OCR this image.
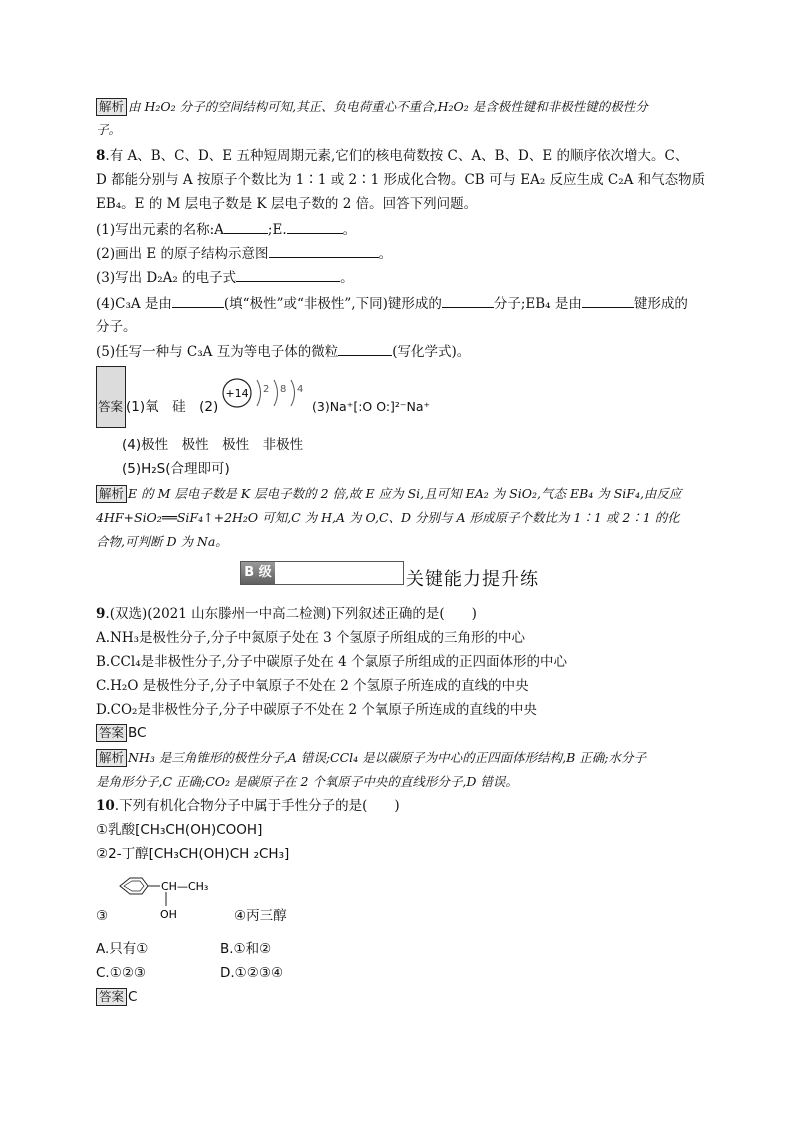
解析 由 H₂O₂ 分子的空间结构可知,其正、负电荷重心不重合,H₂O₂ 是含极性键和非极性键的极性分
子。
8.有 A、B、C、D、E 五种短周期元素,它们的核电荷数按 C、A、B、D、E 的顺序依次增大。C、
D 都能分别与 A 按原子个数比为 1∶1 或 2∶1 形成化合物。CB 可与 EA₂ 反应生成 C₂A 和气态物质
EB₄。E 的 M 层电子数是 K 层电子数的 2 倍。回答下列问题。
(1)写出元素的名称:A	;E.	。
(2)画出 E 的原子结构示意图	。
(3)写出 D₂A₂ 的电子式	。
(4)C₃A 是由	(填“极性”或“非极性”,下同)键形成的	分子;EB₄ 是由	键形成的
分子。
(5)任写一种与 C₃A 互为等电子体的微粒	(写化学式)。
答案 (1)氧　硅　(2)
+14 2 8 4
(3)Na⁺[:O O:]²⁻Na⁺
(4)极性　极性　极性　非极性
(5)H₂S(合理即可)
解析 E 的 M 层电子数是 K 层电子数的 2 倍,故 E 应为 Si,且可知 EA₂ 为 SiO₂,气态 EB₄ 为 SiF₄,由反应
4HF+SiO₂══SiF₄↑+2H₂O 可知,C 为 H,A 为 O,C、D 分别与 A 形成原子个数比为 1∶1 或 2∶1 的化
合物,可判断 D 为 Na。
B 级	关键能力提升练
9.(双选)(2021 山东滕州一中高二检测)下列叙述正确的是(　　)
A.NH₃是极性分子,分子中氮原子处在 3 个氢原子所组成的三角形的中心
B.CCl₄是非极性分子,分子中碳原子处在 4 个氯原子所组成的正四面体形的中心
C.H₂O 是极性分子,分子中氧原子不处在 2 个氢原子所连成的直线的中央
D.CO₂是非极性分子,分子中碳原子不处在 2 个氧原子所连成的直线的中央
答案 BC
解析 NH₃ 是三角锥形的极性分子,A 错误;CCl₄ 是以碳原子为中心的正四面体形结构,B 正确;水分子
是角形分子,C 正确;CO₂ 是碳原子在 2 个氧原子中央的直线形分子,D 错误。
10.下列有机化合物分子中属于手性分子的是(　　)
①乳酸[CH₃CH(OH)COOH]
②2-丁醇[CH₃CH(OH)CH ₂CH₃]
CH—CH₃
OH
③	④丙三醇
A.只有①	B.①和②
C.①②③	D.①②③④
答案 C
